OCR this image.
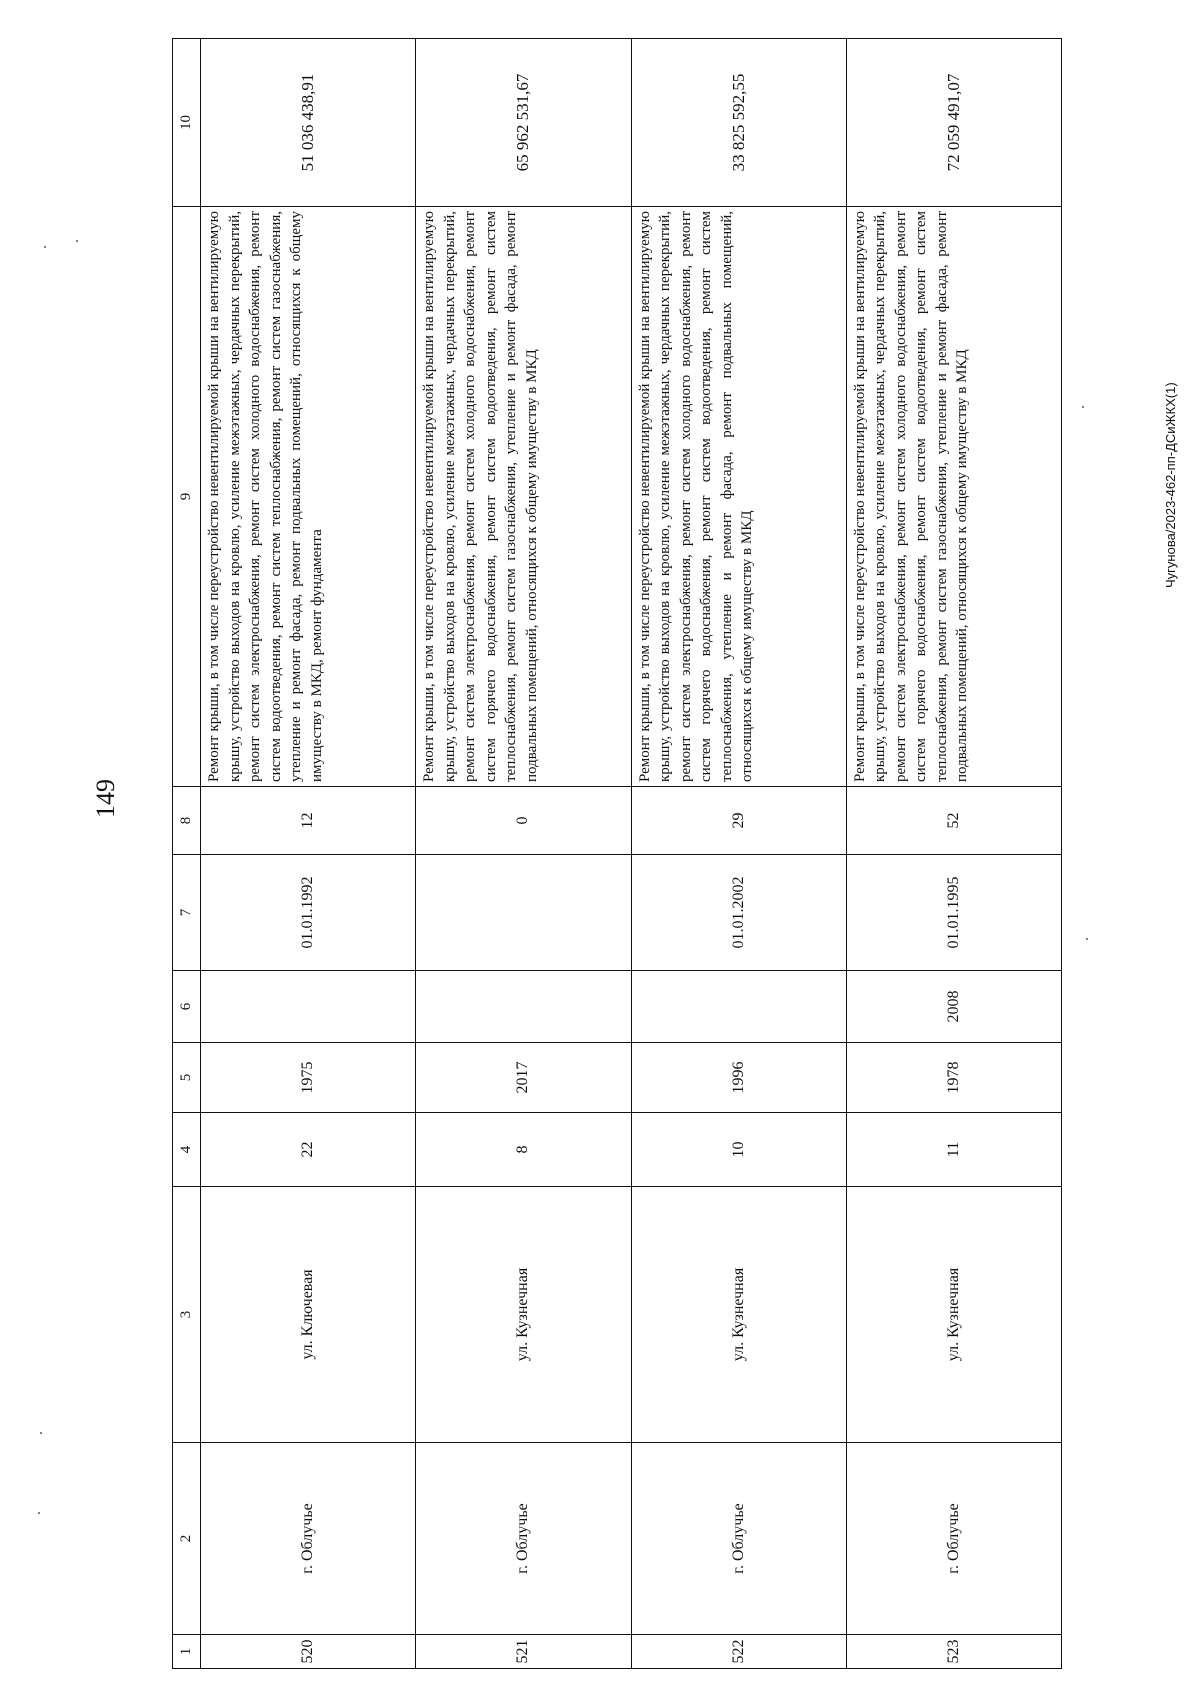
149
Чугунова/2023-462-пп-ДСиЖКХ(1)
1	2	3	4	5	6	7	8	9	10
520	г. Облучье	ул. Ключевая	22	1975		01.01.1992	12	Ремонт крыши, в том числе переустройство невентилируемой крыши на вентилируемую крышу, устройство выходов на кровлю, усиление межэтажных, чердачных перекрытий, ремонт систем электроснабжения, ремонт систем холодного водоснабжения, ремонт систем водоотведения, ремонт систем теплоснабжения, ремонт систем газоснабжения, утепление и ремонт фасада, ремонт подвальных помещений, относящихся к общему имуществу в МКД, ремонт фундамента	51 036 438,91
521	г. Облучье	ул. Кузнечная	8	2017			0	Ремонт крыши, в том числе переустройство невентилируемой крыши на вентилируемую крышу, устройство выходов на кровлю, усиление межэтажных, чердачных перекрытий, ремонт систем электроснабжения, ремонт систем холодного водоснабжения, ремонт систем горячего водоснабжения, ремонт систем водоотведения, ремонт систем теплоснабжения, ремонт систем газоснабжения, утепление и ремонт фасада, ремонт подвальных помещений, относящихся к общему имуществу в МКД	65 962 531,67
522	г. Облучье	ул. Кузнечная	10	1996		01.01.2002	29	Ремонт крыши, в том числе переустройство невентилируемой крыши на вентилируемую крышу, устройство выходов на кровлю, усиление межэтажных, чердачных перекрытий, ремонт систем электроснабжения, ремонт систем холодного водоснабжения, ремонт систем горячего водоснабжения, ремонт систем водоотведения, ремонт систем теплоснабжения, утепление и ремонт фасада, ремонт подвальных помещений, относящихся к общему имуществу в МКД	33 825 592,55
523	г. Облучье	ул. Кузнечная	11	1978	2008	01.01.1995	52	Ремонт крыши, в том числе переустройство невентилируемой крыши на вентилируемую крышу, устройство выходов на кровлю, усиление межэтажных, чердачных перекрытий, ремонт систем электроснабжения, ремонт систем холодного водоснабжения, ремонт систем горячего водоснабжения, ремонт систем водоотведения, ремонт систем теплоснабжения, ремонт систем газоснабжения, утепление и ремонт фасада, ремонт подвальных помещений, относящихся к общему имуществу в МКД	72 059 491,07
